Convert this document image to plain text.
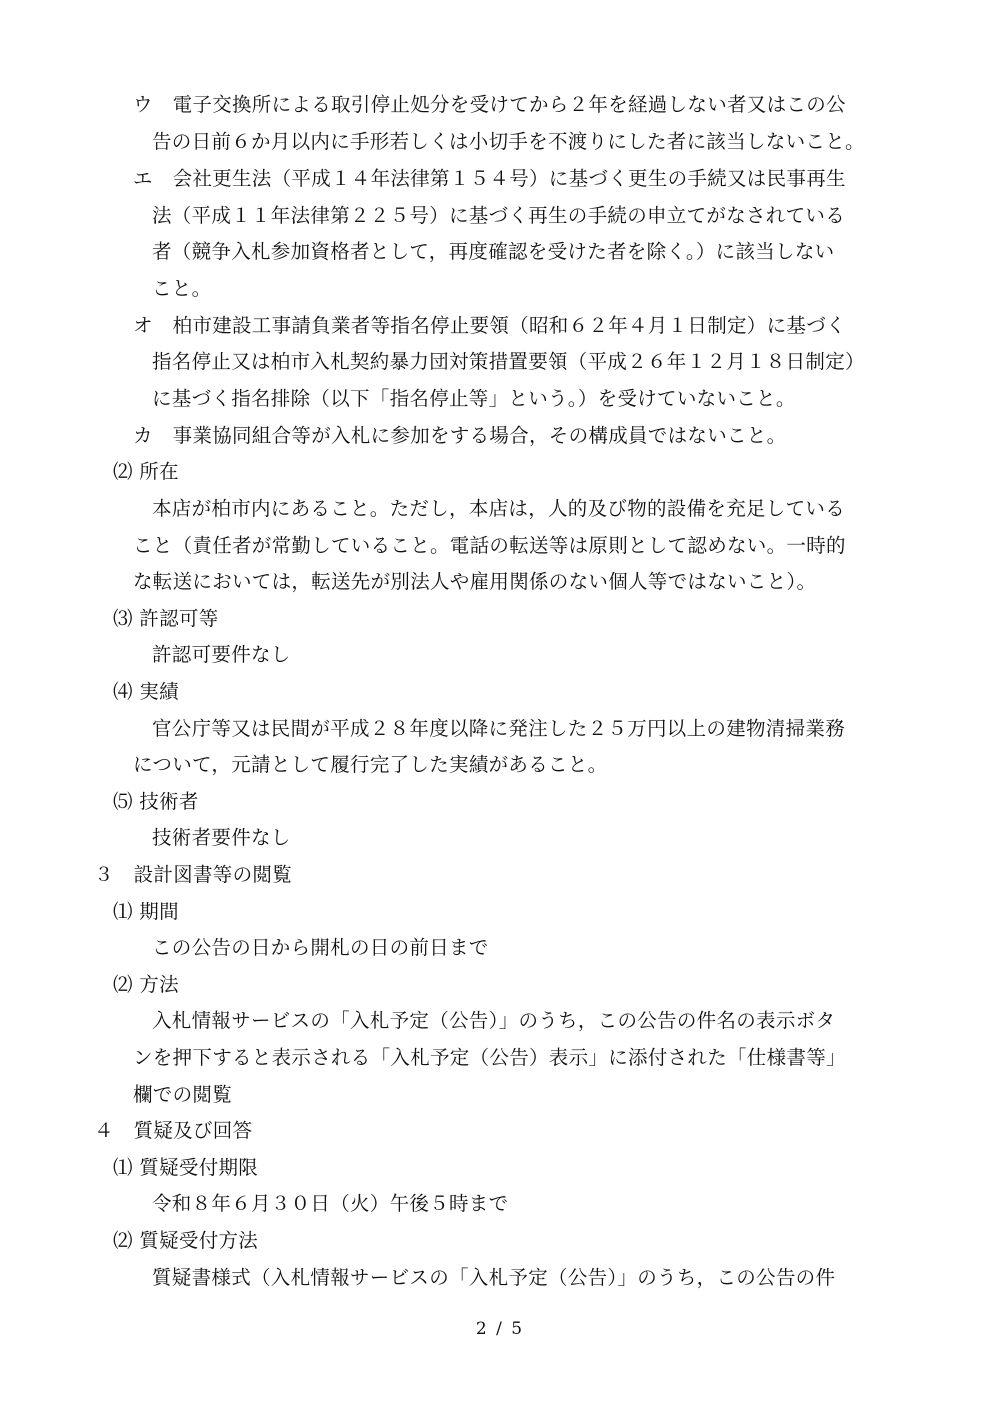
ウ　電子交換所による取引停止処分を受けてから２年を経過しない者又はこの公
告の日前６か月以内に手形若しくは小切手を不渡りにした者に該当しないこと。
エ　会社更生法（平成１４年法律第１５４号）に基づく更生の手続又は民事再生
法（平成１１年法律第２２５号）に基づく再生の手続の申立てがなされている
者（競争入札参加資格者として，再度確認を受けた者を除く。）に該当しない
こと。
オ　柏市建設工事請負業者等指名停止要領（昭和６２年４月１日制定）に基づく
指名停止又は柏市入札契約暴力団対策措置要領（平成２６年１２月１８日制定）
に基づく指名排除（以下「指名停止等」という。）を受けていないこと。
カ　事業協同組合等が入札に参加をする場合，その構成員ではないこと。
⑵ 所在
本店が柏市内にあること。ただし，本店は，人的及び物的設備を充足している
こと（責任者が常勤していること。電話の転送等は原則として認めない。一時的
な転送においては，転送先が別法人や雇用関係のない個人等ではないこと）。
⑶ 許認可等
許認可要件なし
⑷ 実績
官公庁等又は民間が平成２８年度以降に発注した２５万円以上の建物清掃業務
について，元請として履行完了した実績があること。
⑸ 技術者
技術者要件なし
３　設計図書等の閲覧
⑴ 期間
この公告の日から開札の日の前日まで
⑵ 方法
入札情報サービスの「入札予定（公告）」のうち，この公告の件名の表示ボタ
ンを押下すると表示される「入札予定（公告）表示」に添付された「仕様書等」
欄での閲覧
４　質疑及び回答
⑴ 質疑受付期限
令和８年６月３０日（火）午後５時まで
⑵ 質疑受付方法
質疑書様式（入札情報サービスの「入札予定（公告）」のうち，この公告の件
2 / 5
